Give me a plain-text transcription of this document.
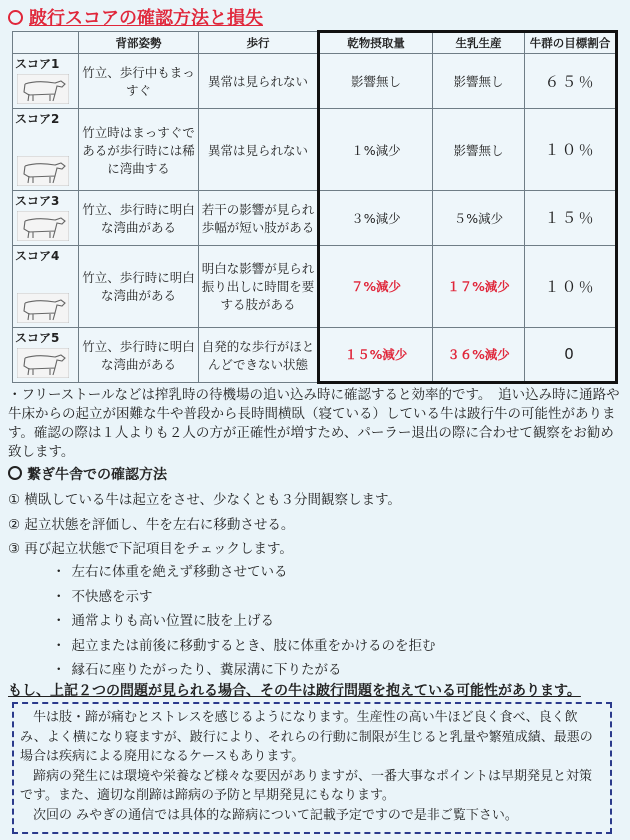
跛行スコアの確認方法と損失
	背部姿勢	歩行	乾物摂取量	生乳生産	牛群の目標割合

スコア1	竹立、歩行中もまっすぐ	異常は見られない	影響無し	影響無し	６５％

スコア2	竹立時はまっすぐであるが歩行時には稀に湾曲する	異常は見られない	１%減少	影響無し	１０％

スコア3	竹立、歩行時に明白な湾曲がある	若干の影響が見られ歩幅が短い肢がある	３%減少	５%減少	１５％

スコア4	竹立、歩行時に明白な湾曲がある	明白な影響が見られ振り出しに時間を要する肢がある	７%減少	１７%減少	１０％

スコア5	竹立、歩行時に明白な湾曲がある	自発的な歩行がほとんどできない状態	１５%減少	３６%減少	0
・フリーストールなどは搾乳時の待機場の追い込み時に確認すると効率的です。　追い込み時に通路や牛床からの起立が困難な牛や普段から長時間横臥（寝ている）している牛は跛行牛の可能性があります。確認の際は１人よりも２人の方が正確性が増すため、パーラー退出の際に合わせて観察をお勧め致します。
繋ぎ牛舎での確認方法
① 横臥している牛は起立をさせ、少なくとも３分間観察します。
② 起立状態を評価し、牛を左右に移動させる。
③ 再び起立状態で下記項目をチェックします。
・ 左右に体重を絶えず移動させている
・ 不快感を示す
・ 通常よりも高い位置に肢を上げる
・ 起立または前後に移動するとき、肢に体重をかけるのを拒む
・ 縁石に座りたがったり、糞尿溝に下りたがる
もし、上記２つの問題が見られる場合、その牛は跛行問題を抱えている可能性があります。

牛は肢・蹄が痛むとストレスを感じるようになります。生産性の高い牛ほど良く食べ、良く飲み、よく横になり寝ますが、跛行により、それらの行動に制限が生じると乳量や繁殖成績、最悪の場合は疾病による廃用になるケースもあります。

蹄病の発生には環境や栄養など様々な要因がありますが、一番大事なポイントは早期発見と対策です。また、適切な削蹄は蹄病の予防と早期発見にもなります。

次回の みやぎの通信では具体的な蹄病について記載予定ですので是非ご覧下さい。
